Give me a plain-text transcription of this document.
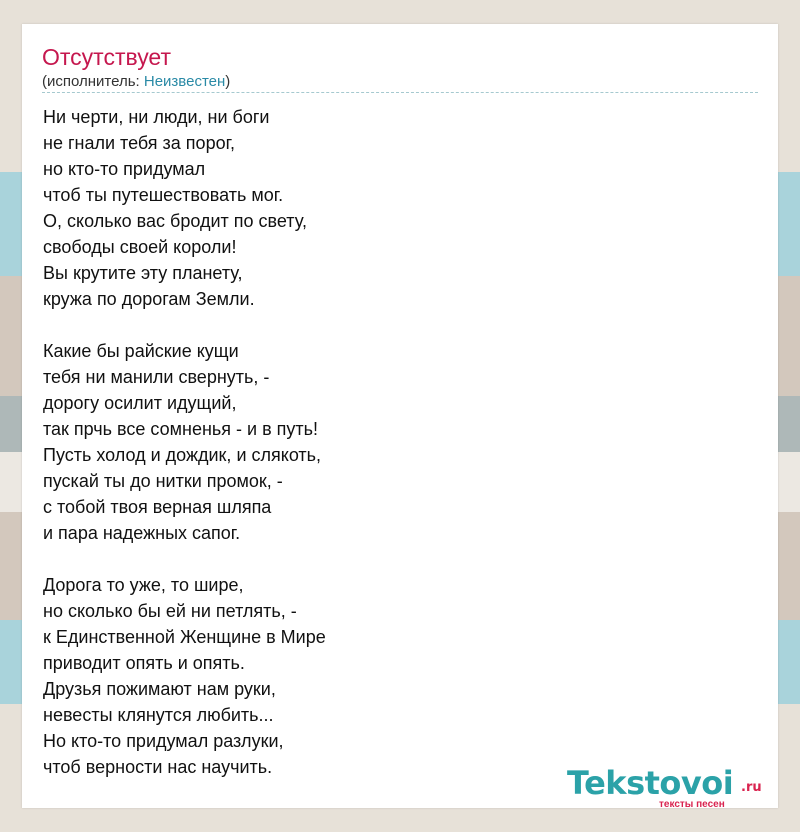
Отсутствует
(исполнитель: Неизвестен)
Ни черти, ни люди, ни боги
не гнали тебя за порог,
но кто-то придумал
чтоб ты путешествовать мог.
О, сколько вас бродит по свету,
свободы своей короли!
Вы крутите эту планету,
кружа по дорогам Земли.
Какие бы райские кущи
тебя ни манили свернуть, -
дорогу осилит идущий,
так прчь все сомненья - и в путь!
Пусть холод и дождик, и слякоть,
пускай ты до нитки промок, -
с тобой твоя верная шляпа
и пара надежных сапог.
Дорога то уже, то шире,
но сколько бы ей ни петлять, -
к Единственной Женщине в Мире
приводит опять и опять.
Друзья пожимают нам руки,
невесты клянутся любить...
Но кто-то придумал разлуки,
чтоб верности нас научить.	Tekstovoi .ru
тексты песен
